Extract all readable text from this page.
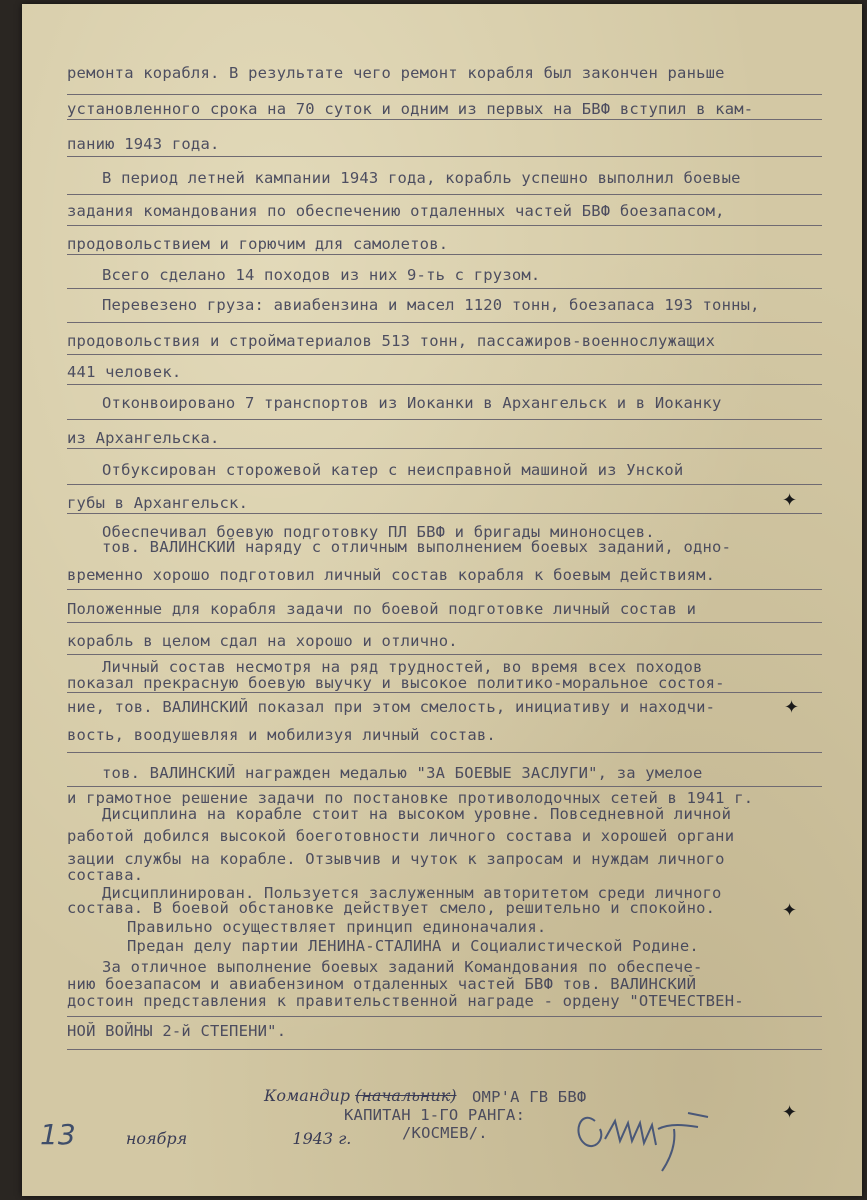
ремонта корабля. В результате чего ремонт корабля был закончен раньше
установленного срока на 70 суток и одним из первых на БВФ вступил в кам-
панию 1943 года.
В период летней кампании 1943 года, корабль успешно выполнил боевые
задания командования по обеспечению отдаленных частей БВФ боезапасом,
продовольствием и горючим для самолетов.
Всего сделано 14 походов из них 9-ть с грузом.
Перевезено груза: авиабензина и масел 1120 тонн, боезапаса 193 тонны,
продовольствия и стройматериалов 513 тонн, пассажиров-военнослужащих
441 человек.
Отконвоировано 7 транспортов из Иоканки в Архангельск и в Иоканку
из Архангельска.
Отбуксирован сторожевой катер с неисправной машиной из Унской
губы в Архангельск.
Обеспечивал боевую подготовку ПЛ БВФ и бригады миноносцев.
тов. ВАЛИНСКИЙ наряду с отличным выполнением боевых заданий, одно-
временно хорошо подготовил личный состав корабля к боевым действиям.
Положенные для корабля задачи по боевой подготовке личный состав и
корабль в целом сдал на хорошо и отлично.
Личный состав несмотря на ряд трудностей, во время всех походов
показал прекрасную боевую выучку и высокое политико-моральное состоя-
ние, тов. ВАЛИНСКИЙ показал при этом смелость, инициативу и находчи-
вость, воодушевляя и мобилизуя личный состав.
тов. ВАЛИНСКИЙ награжден медалью "ЗА БОЕВЫЕ ЗАСЛУГИ", за умелое
и грамотное решение задачи по постановке противолодочных сетей в 1941 г.
Дисциплина на корабле стоит на высоком уровне. Повседневной личной
работой добился высокой боеготовности личного состава и хорошей органи
зации службы на корабле. Отзывчив и чуток к запросам и нуждам личного
состава.
Дисциплинирован. Пользуется заслуженным авторитетом среди личного
состава. В боевой обстановке действует смело, решительно и спокойно.
Правильно осуществляет принцип единоначалия.
Предан делу партии ЛЕНИНА-СТАЛИНА и Социалистической Родине.
За отличное выполнение боевых заданий Командования по обеспече-
нию боезапасом и авиабензином отдаленных частей БВФ тов. ВАЛИНСКИЙ
достоин представления к правительственной награде - ордену "ОТЕЧЕСТВЕН-
НОЙ ВОЙНЫ 2-й СТЕПЕНИ".
Командир (начальник) ОМР'А ГВ БВФ
КАПИТАН 1-ГО РАНГА:
/КОСМЕВ/.
13	ноября	1943 г.
✦
✦
✦
✦
